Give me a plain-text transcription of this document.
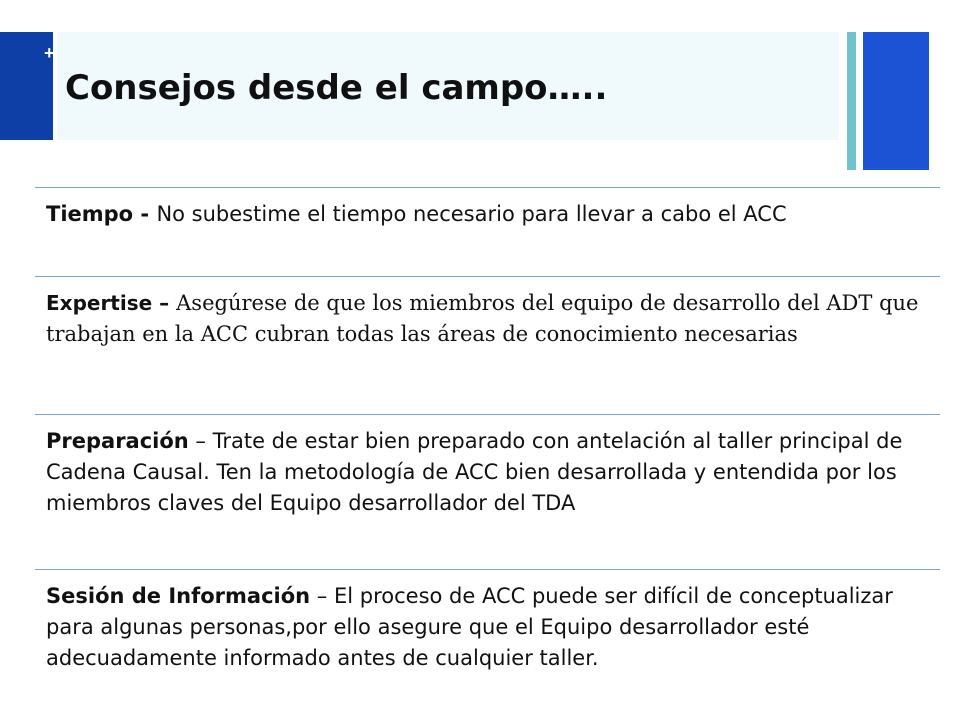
+
Consejos desde el campo…..
Tiempo - No subestime el tiempo necesario para llevar a cabo el ACC
Expertise – Asegúrese de que los miembros del equipo de desarrollo del ADT que trabajan en la ACC cubran todas las áreas de conocimiento necesarias
Preparación – Trate de estar bien preparado con antelación al taller principal de Cadena Causal. Ten la metodología de ACC bien desarrollada y entendida por los miembros claves del Equipo desarrollador del TDA
Sesión de Información – El proceso de ACC puede ser difícil de conceptualizar para algunas personas,por ello asegure que el Equipo desarrollador esté adecuadamente informado antes de cualquier taller.
